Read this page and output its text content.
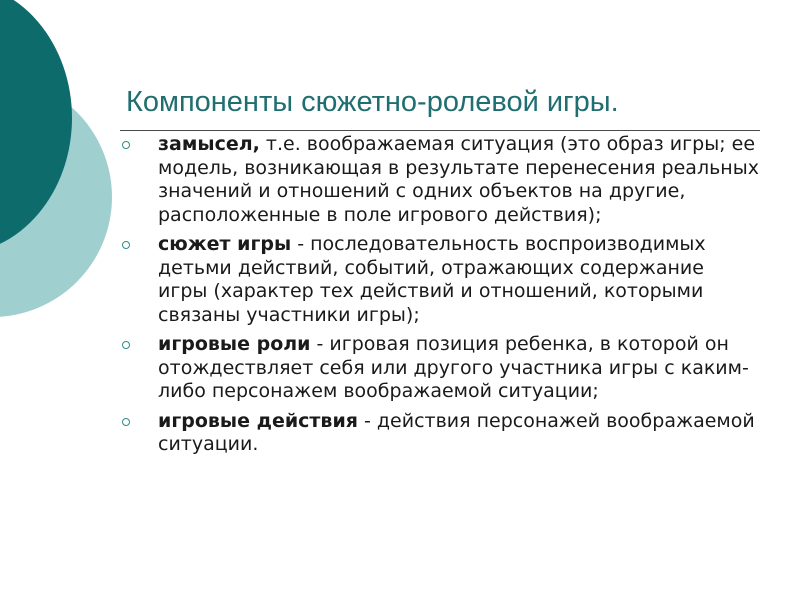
Компоненты сюжетно-ролевой игры.
замысел, т.е. воображаемая ситуация (это образ игры; ее модель, возникающая в результате перенесения реальных значений и отношений с одних объектов на другие, расположенные в поле игрового действия);
сюжет игры - последовательность воспроизводимых детьми действий, событий, отражающих содержание игры (характер тех действий и отношений, которыми связаны участники игры);
игровые роли - игровая позиция ребенка, в которой он отождествляет себя или другого участника игры с каким-либо персонажем воображаемой ситуации;
игровые действия - действия персонажей воображаемой ситуации.
